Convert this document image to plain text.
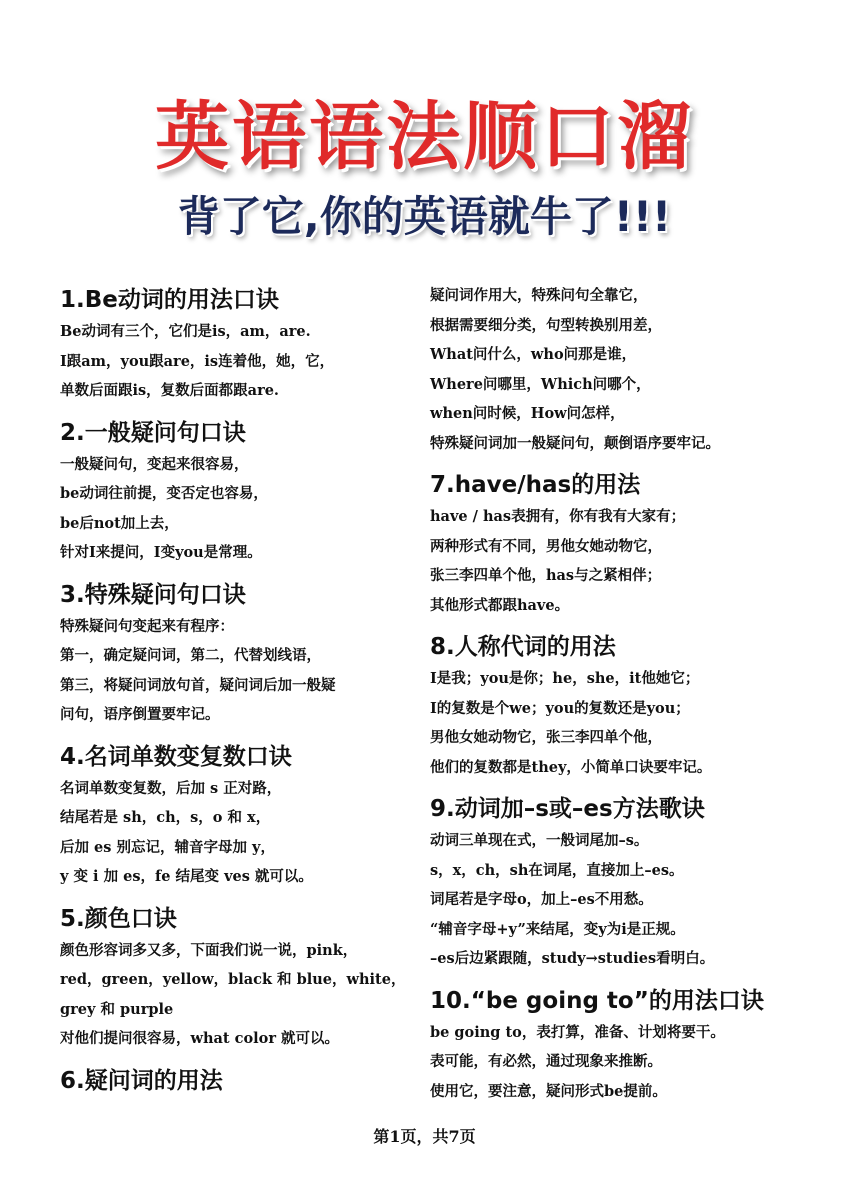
英语语法顺口溜
背了它,你的英语就牛了!!!
1.Be动词的用法口诀
Be动词有三个，它们是is，am，are.
I跟am，you跟are，is连着他，她，它，
单数后面跟is，复数后面都跟are.
2.一般疑问句口诀
一般疑问句，变起来很容易，
be动词往前提，变否定也容易，
be后not加上去，
针对I来提问，I变you是常理。
3.特殊疑问句口诀
特殊疑问句变起来有程序：
第一，确定疑问词，第二，代替划线语，
第三，将疑问词放句首，疑问词后加一般疑
问句，语序倒置要牢记。
4.名词单数变复数口诀
名词单数变复数，后加 s 正对路，
结尾若是 sh，ch，s，o 和 x，
后加 es 别忘记，辅音字母加 y，
y 变 i 加 es，fe 结尾变 ves 就可以。
5.颜色口诀
颜色形容词多又多，下面我们说一说，pink，
red，green，yellow，black 和 blue，white，
grey 和 purple
对他们提问很容易，what color 就可以。
6.疑问词的用法
疑问词作用大，特殊问句全靠它，
根据需要细分类，句型转换别用差，
What问什么，who问那是谁，
Where问哪里，Which问哪个，
when问时候，How问怎样，
特殊疑问词加一般疑问句，颠倒语序要牢记。
7.have/has的用法
have / has表拥有，你有我有大家有；
两种形式有不同，男他女她动物它，
张三李四单个他，has与之紧相伴；
其他形式都跟have。
8.人称代词的用法
I是我；you是你；he，she，it他她它；
I的复数是个we；you的复数还是you；
男他女她动物它，张三李四单个他，
他们的复数都是they，小简单口诀要牢记。
9.动词加–s或–es方法歌诀
动词三单现在式，一般词尾加–s。
s，x，ch，sh在词尾，直接加上–es。
词尾若是字母o，加上–es不用愁。
“辅音字母+y”来结尾，变y为i是正规。
–es后边紧跟随，study→studies看明白。
10.“be going to”的用法口诀
be going to，表打算，准备、计划将要干。
表可能，有必然，通过现象来推断。
使用它，要注意，疑问形式be提前。
第1页，共7页
